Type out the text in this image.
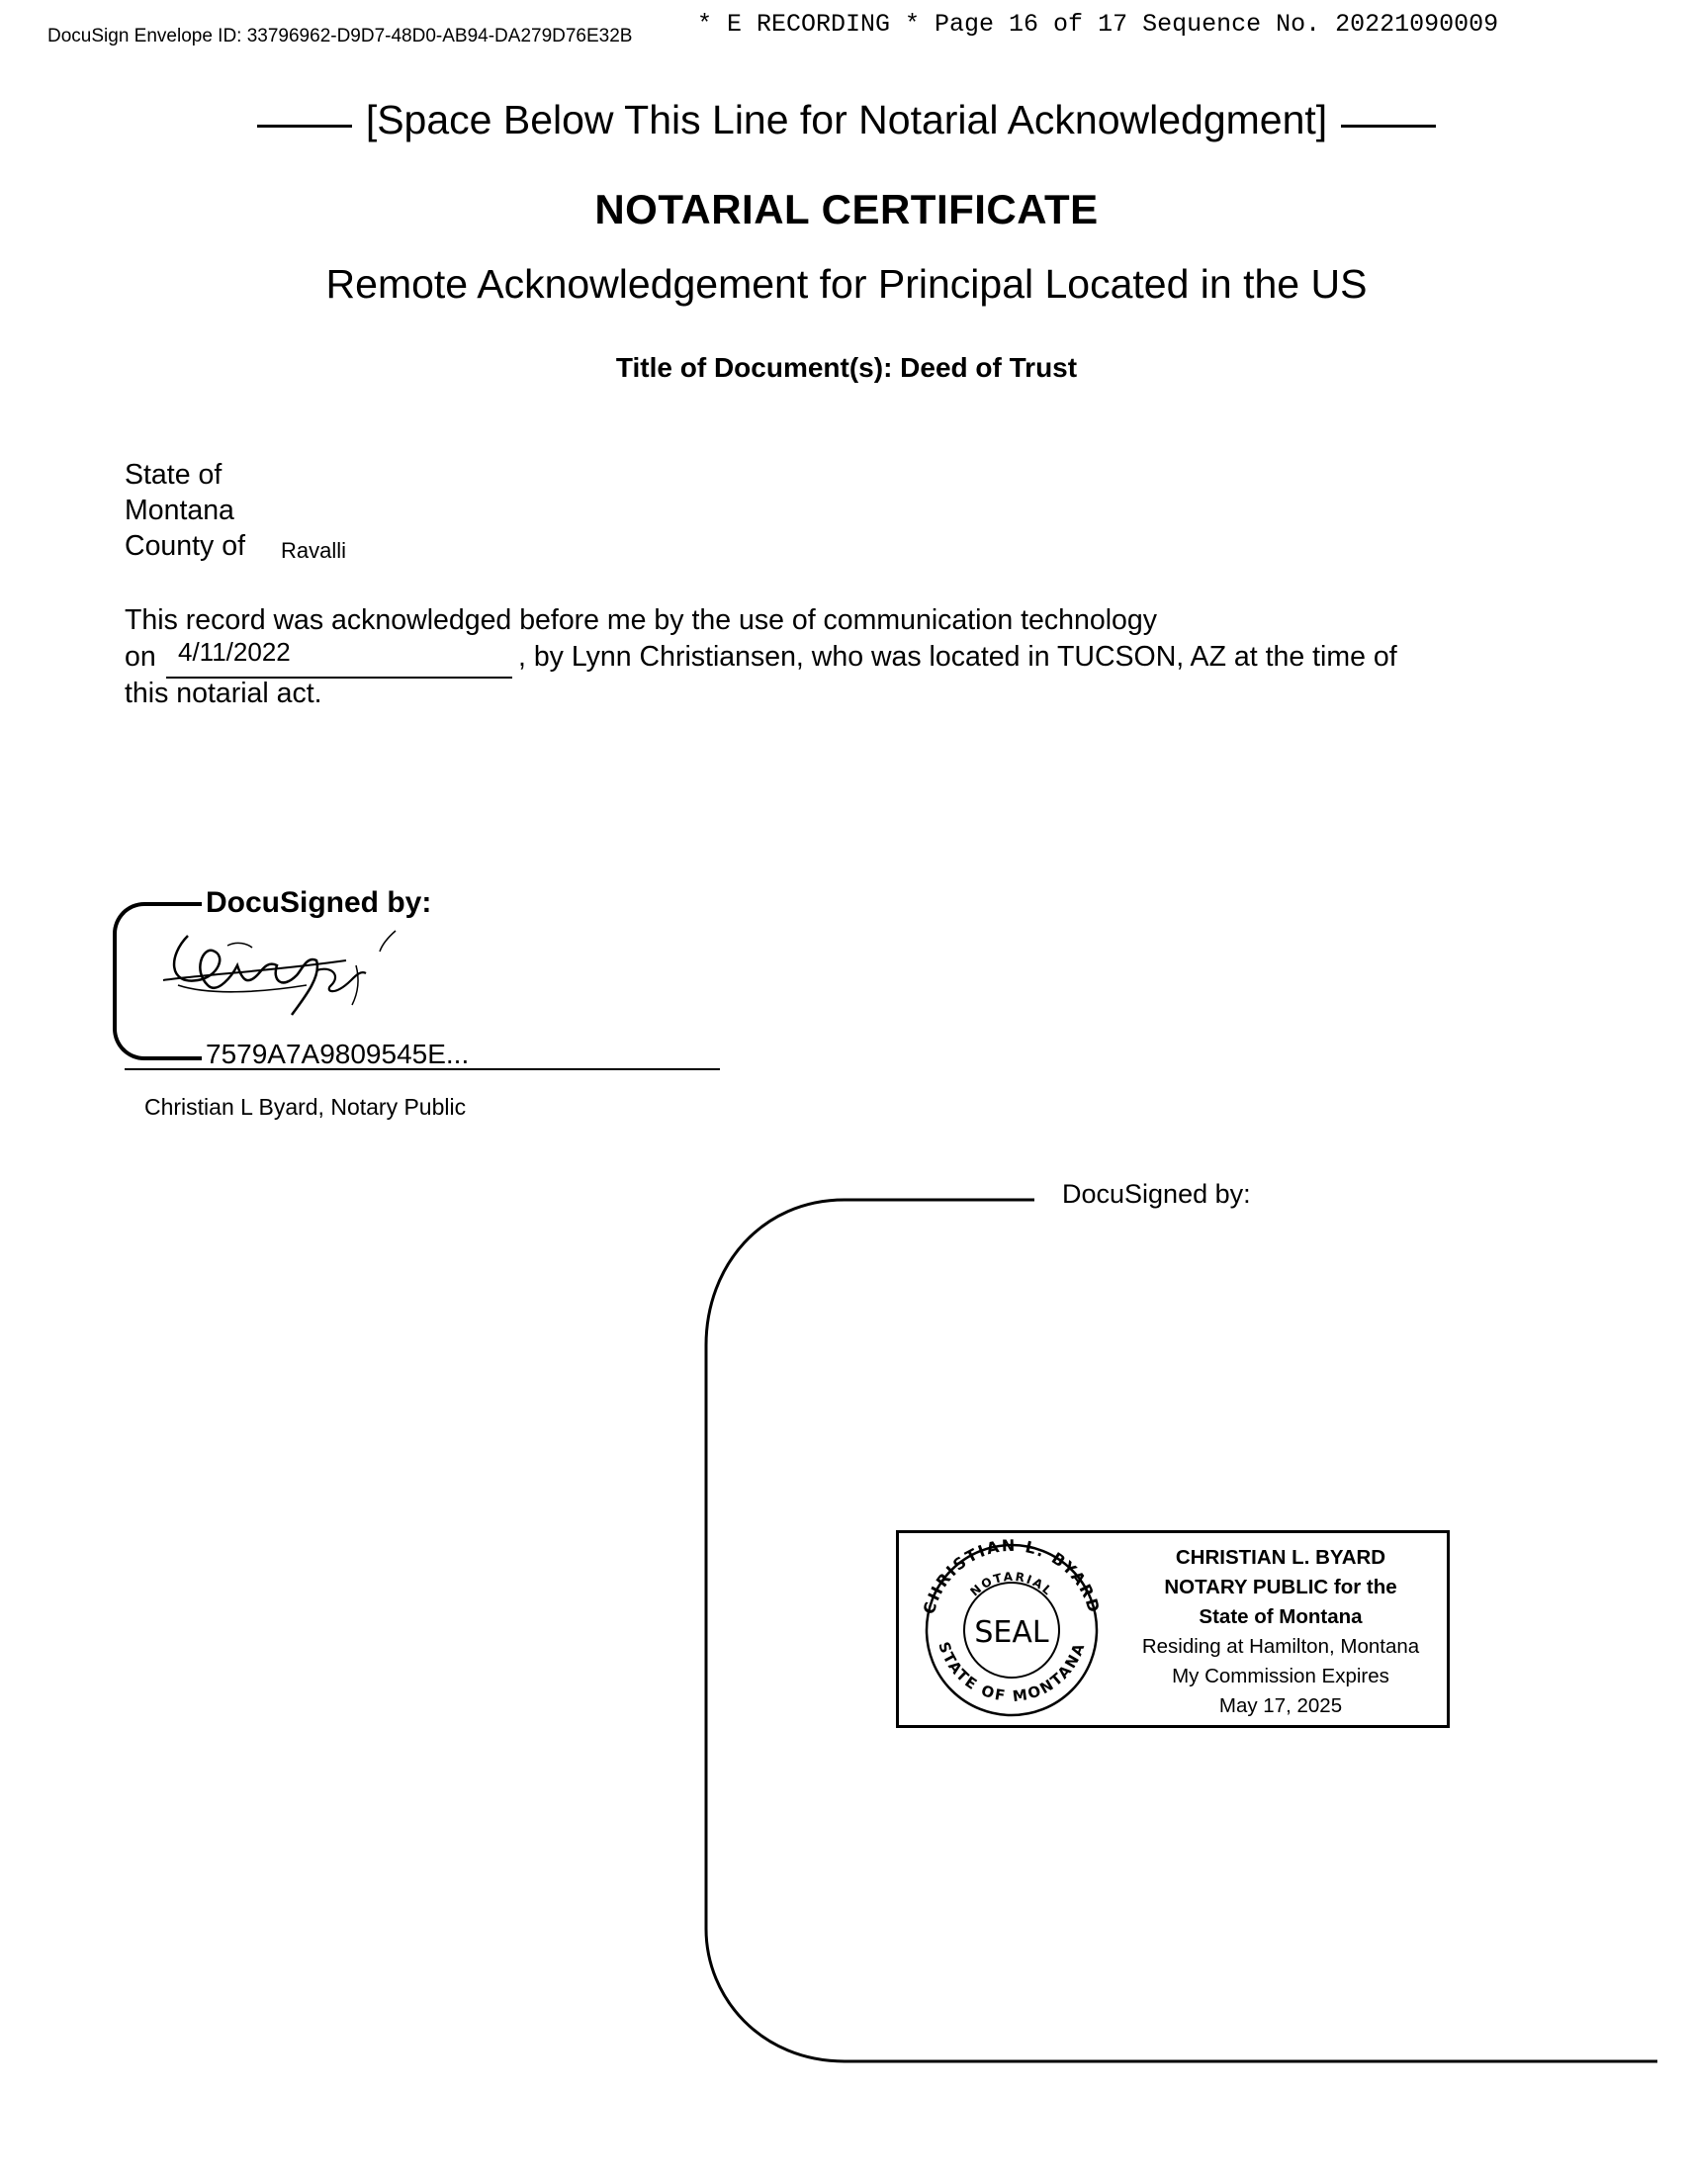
DocuSign Envelope ID: 33796962-D9D7-48D0-AB94-DA279D76E32B	* E RECORDING * Page 16 of 17 Sequence No. 20221090009
[Space Below This Line for Notarial Acknowledgment]
NOTARIAL CERTIFICATE
Remote Acknowledgement for Principal Located in the US
Title of Document(s): Deed of Trust
State of
Montana
County of Ravalli
This record was acknowledged before me by the use of communication technology
on 4/11/2022	, by Lynn Christiansen, who was located in TUCSON, AZ at the time of
this notarial act.
DocuSigned by:
7579A7A9809545E...
Christian L Byard, Notary Public
DocuSigned by:
CHRISTIAN L. BYARD
NOTARIAL
STATE OF MONTANA
SEAL
CHRISTIAN L. BYARD
NOTARY PUBLIC for the
State of Montana
Residing at Hamilton, Montana
My Commission Expires
May 17, 2025
